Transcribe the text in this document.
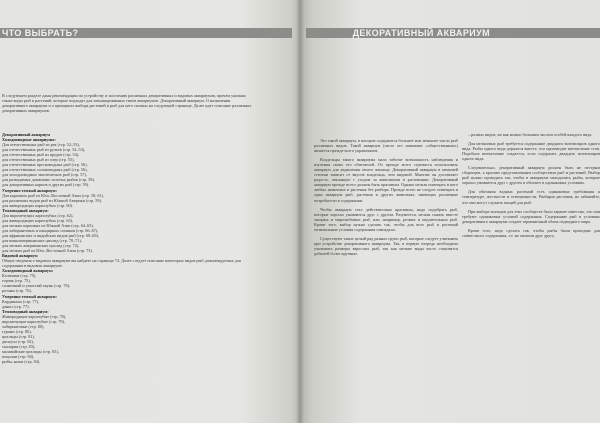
ЧТО ВЫБРАТЬ?
В следующем разделе даны рекомендации по устройству и заселению различных декоративных и видовых аквариумов, причем указаны также виды рыб и растений, которые подходят для запланированных типов аквариумов. Декоративный аквариум. О назначении декоративного аквариума и о принципах выбора растений и рыб для него сказано на следующей странице. Далее идет описание различных декоративных аквариумов.
Декоративный аквариум
Холодноводные аквариумы:
Для отечественных рыб из рек (стр. 52–53),
для отечественных рыб из ручьев (стр. 52–53),
для отечественных рыб из прудов (стр. 54),
для отечественных рыб из озер (стр. 55),
для отечественных пресноводных рыб (стр. 56),
для отечественных солоноводных рыб (стр. 56),
для холодноводных экзотических рыб (стр. 57),
для разводимых домашних золотых рыбок (стр. 58),
для декоративных карпов и других рыб (стр. 59).
Умеренно теплый аквариум:
Для карповых рыб из Юго–Восточной Азии (стр. 58, 61),
для различных видов рыб из Южной Америки (стр. 59),
для живородящих карпозубых (стр. 60).
Тепловодный аквариум:
Для икромечущих карпозубых (стр. 62),
для живородящих карпозубых (стр. 63),
для мелких карповых из Южной Азии (стр. 64–65),
для лабиринтовых и панцирных сомиков (стр. 66–67),
для африканских и индийских видов рыб (стр. 68–69),
для южноамериканских цихлид (стр. 70–71),
для мелких американских цихлид (стр. 72),
для мелких рыб из Юго–Восточной Азии (стр. 73).
Видовой аквариум
Общие сведения о видовом аквариуме вы найдете на странице 74. Далее следует описание некоторых видов рыб, рекомендуемых для содержания в видовом аквариуме.
Холодноводный аквариум:
Колюшки (стр. 75),
горчак (стр. 75),
солнечный и ушастый окунь (стр. 76),
ротаны (стр. 76).
Умеренно теплый аквариум:
Кардиналы (стр. 77),
данио (стр. 77).
Тепловодный аквариум:
Живородящие карпозубые (стр. 78),
икромечущие карпозубые (стр. 79),
лабиринтовые (стр. 80),
гурами (стр. 80),
цихлиды (стр. 81),
дискусы (стр. 82),
скалярии (стр. 83),
малавийские цихлиды (стр. 83),
пецилии (стр. 84),
рыбы–ножи (стр. 84).
ДЕКОРАТИВНЫЙ АКВАРИУМ

Это такой аквариум, в котором содержится большее или меньшее число рыб различных видов. Такой аквариум (часто его называют «общественным») является прежде всего украшением.

Владельцы такого аквариума мало заботят возможность наблюдения и изучения своих его обитателей. От прежде всего стремятся использовать аквариум для украшения своего жилища. Декоративный аквариум в меньшей степени зависит от вкусов владельца, чем видовой. Многим он доставляет радость, связанную с уходом за животными и растениями. Декоративный аквариум прежде всего должен быть красивым. Однако нельзя помещать в него любых животных и растения без разбора. Прежде всего не следует помещать в один аквариум рыб, растения и других животных, имеющих различные потребности в содержании.

Чтобы аквариум стал действительно красивым, надо подобрать рыб, которые хорошо уживаются друг с другом. Разумеется, нельзя сажать вместе хищных и миролюбивых рыб, или, например, резвых и медлительных рыб. Кроме того, выбор нужно сделать так, чтобы для всех рыб и растений оптимальные условия содержания совпадали.

Существуют такие целый ряд разных групп рыб, которые следует учитывать при устройстве декоративного аквариума. Так, в первую очередь необходимо учитывать размеры взрослых рыб, так как мелкие виды часто становятся добычей более крупных.

...разных видов, но как можно большим числом особей каждого вида.

Для мелкоовых рыб требуется содержание двадцати экземпляров одного вида. Рыбы одного вида держатся вместе, что производит впечатление стаи. Подобное впечатление создается, если содержать двадцать экземпляров одного вида.

Следовательно, декоративный аквариум должен быть не пестрым сборищем, а красиво представленным сообществом рыб и растений. Выбор рыб нужно проводить так, чтобы в аквариуме находились рыбы, которые хорошо уживаются друг с другом и обитают в одинаковых условиях.

Для обитания водных растений есть одинаковые требования к температуре, жесткости и освещенности. Выбирая растения, не забывайте, что они могут служить пищей для рыб.

При выборе жильцов для этих сообществ было заранее известно, что они требуют одинаковых условий содержания. Содержание рыб в условиях декоративного аквариума создает гармоничный облик подводного мира.

Кроме того, надо сделать так, чтобы рыбы были пригодны для совместного содержания, т.е. не мешали друг другу.
